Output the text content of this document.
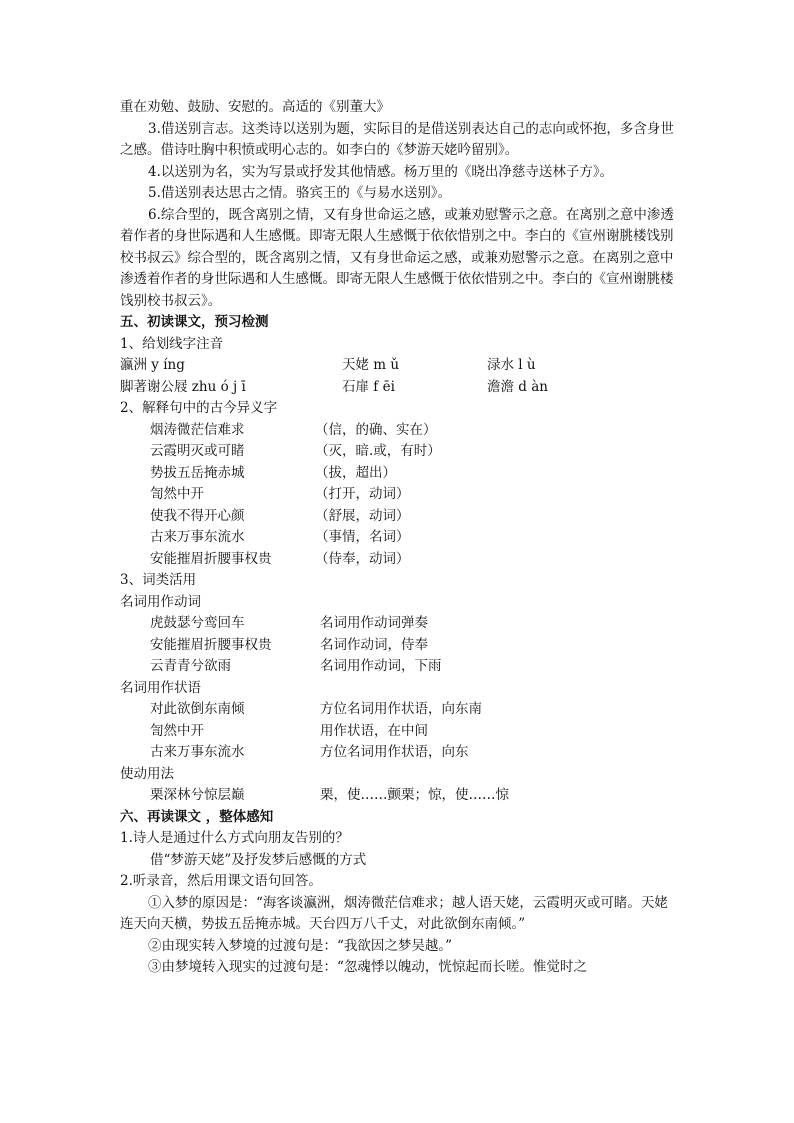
重在劝勉、鼓励、安慰的。高适的《别董大》

3.借送别言志。这类诗以送别为题，实际目的是借送别表达自己的志向或怀抱，多含身世之感。借诗吐胸中积愤或明心志的。如李白的《梦游天姥吟留别》。

4.以送别为名，实为写景或抒发其他情感。杨万里的《晓出净慈寺送林子方》。

5.借送别表达思古之情。骆宾王的《与易水送别》。

6.综合型的，既含离别之情，又有身世命运之感，或兼劝慰警示之意。在离别之意中渗透着作者的身世际遇和人生感慨。即寄无限人生感慨于依依惜别之中。李白的《宣州谢朓楼饯别校书叔云》综合型的，既含离别之情，又有身世命运之感，或兼劝慰警示之意。在离别之意中渗透着作者的身世际遇和人生感慨。即寄无限人生感慨于依依惜别之中。李白的《宣州谢朓楼饯别校书叔云》。

五、初读课文，预习检测

1、给划线字注音

瀛洲 y íng	天姥 m ǔ	渌水 l ù
脚著谢公屐 zhu ó j ī	石扉 f ēi	澹澹 d àn

2、解释句中的古今异义字

烟涛微茫信难求	（信，的确、实在）

云霞明灭或可睹	（灭，暗.或，有时）

势拔五岳掩赤城	（拔，超出）

訇然中开	（打开，动词）

使我不得开心颜	（舒展，动词）

古来万事东流水	（事情，名词）

安能摧眉折腰事权贵	（侍奉，动词）

3、词类活用

名词用作动词

虎鼓瑟兮鸾回车	名词用作动词弹奏

安能摧眉折腰事权贵	名词作动词，侍奉

云青青兮欲雨	名词用作动词，下雨

名词用作状语

对此欲倒东南倾	方位名词用作状语，向东南

訇然中开	用作状语，在中间

古来万事东流水	方位名词用作状语，向东

使动用法

栗深林兮惊层巅	栗，使……颤栗；惊，使……惊

六、再读课文 ，整体感知

1.诗人是通过什么方式向朋友告别的？

借“梦游天姥”及抒发梦后感慨的方式

2.听录音，然后用课文语句回答。

①入梦的原因是：“海客谈瀛洲，烟涛微茫信难求；越人语天姥，云霞明灭或可睹。天姥连天向天横，势拔五岳掩赤城。天台四万八千丈，对此欲倒东南倾。”

②由现实转入梦境的过渡句是：“我欲因之梦吴越。”

③由梦境转入现实的过渡句是：“忽魂悸以魄动，恍惊起而长嗟。惟觉时之
